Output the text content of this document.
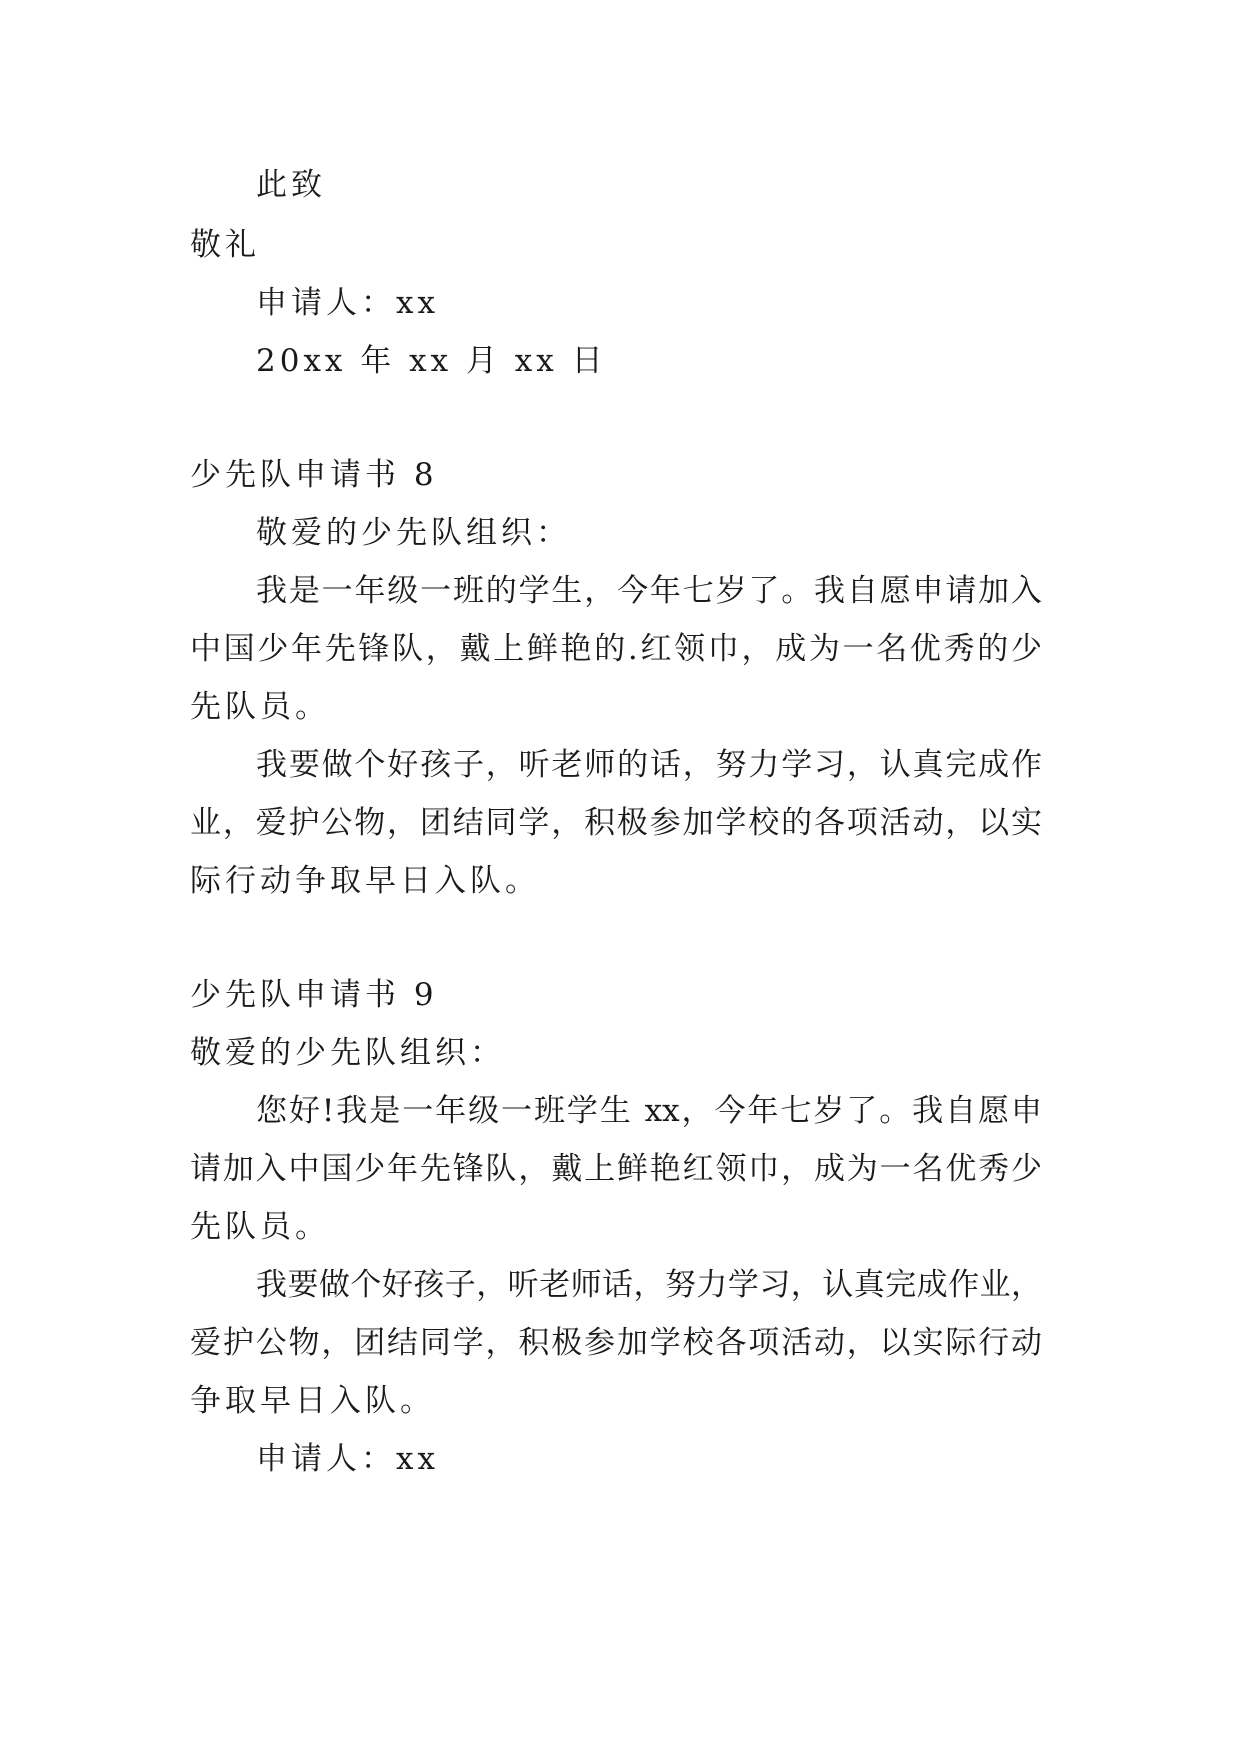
此致
敬礼
申请人：xx
20xx 年 xx 月 xx 日
少先队申请书 8
敬爱的少先队组织：
我是一年级一班的学生，今年七岁了。我自愿申请加入
中国少年先锋队，戴上鲜艳的.红领巾，成为一名优秀的少
先队员。
我要做个好孩子，听老师的话，努力学习，认真完成作
业，爱护公物，团结同学，积极参加学校的各项活动，以实
际行动争取早日入队。
少先队申请书 9
敬爱的少先队组织：
您好!我是一年级一班学生 xx，今年七岁了。我自愿申
请加入中国少年先锋队，戴上鲜艳红领巾，成为一名优秀少
先队员。
我要做个好孩子，听老师话，努力学习，认真完成作业，
爱护公物，团结同学，积极参加学校各项活动，以实际行动
争取早日入队。
申请人：xx
